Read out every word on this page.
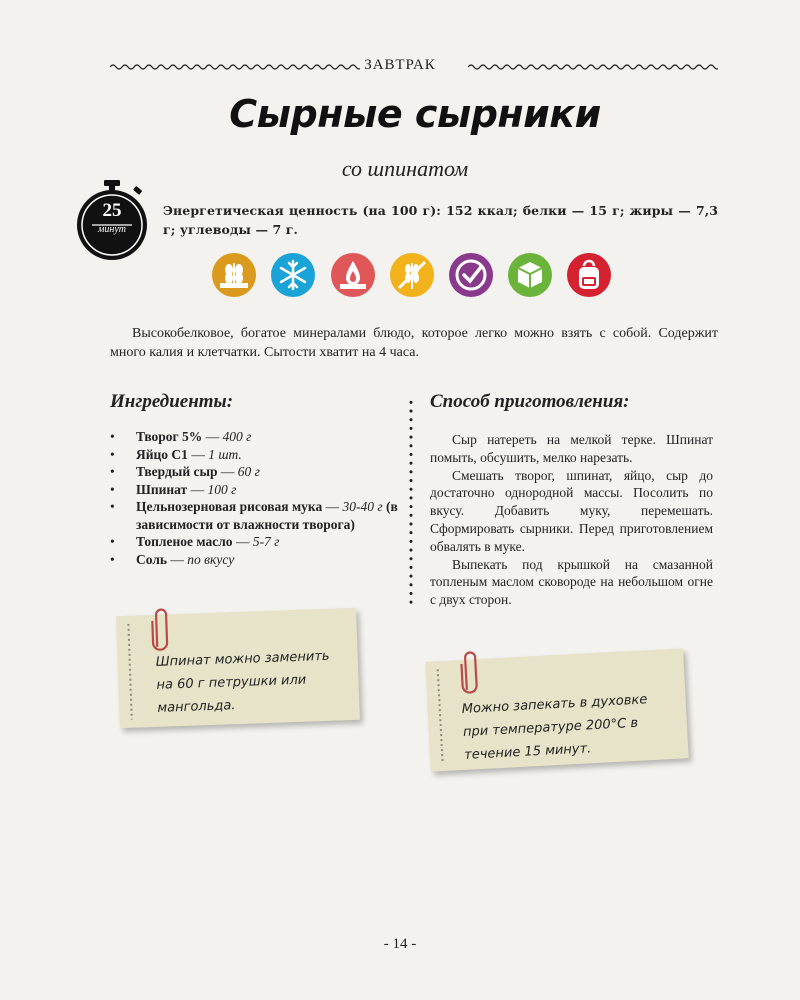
ЗАВТРАК
Сырные сырники
со шпинатом
25
минут
Энергетическая ценность (на 100 г): 152 ккал; белки — 15 г; жиры — 7,3 г; углеводы — 7 г.
Высокобелковое, богатое минералами блюдо, которое легко можно взять с собой. Содержит много калия и клетчатки. Сытости хватит на 4 часа.
Ингредиенты:
• Творог 5% — 400 г
• Яйцо С1 — 1 шт.
• Твердый сыр — 60 г
• Шпинат — 100 г
• Цельнозерновая рисовая мука — 30-40 г (в зависимости от влажности творога)
• Топленое масло — 5-7 г
• Соль — по вкусу
Способ приготовления:

Сыр натереть на мелкой терке. Шпинат помыть, обсушить, мелко нарезать.

Смешать творог, шпинат, яйцо, сыр до достаточно однородной массы. Посолить по вкусу. Добавить муку, перемешать. Сформировать сырники. Перед приготовлением обвалять в муке.

Выпекать под крышкой на смазанной топленым маслом сковороде на небольшом огне с двух сторон.

Шпинат можно заменить на 60 г петрушки или мангольда.	Можно запекать в духовке при температуре 200°С в течение 15 минут.
- 14 -
